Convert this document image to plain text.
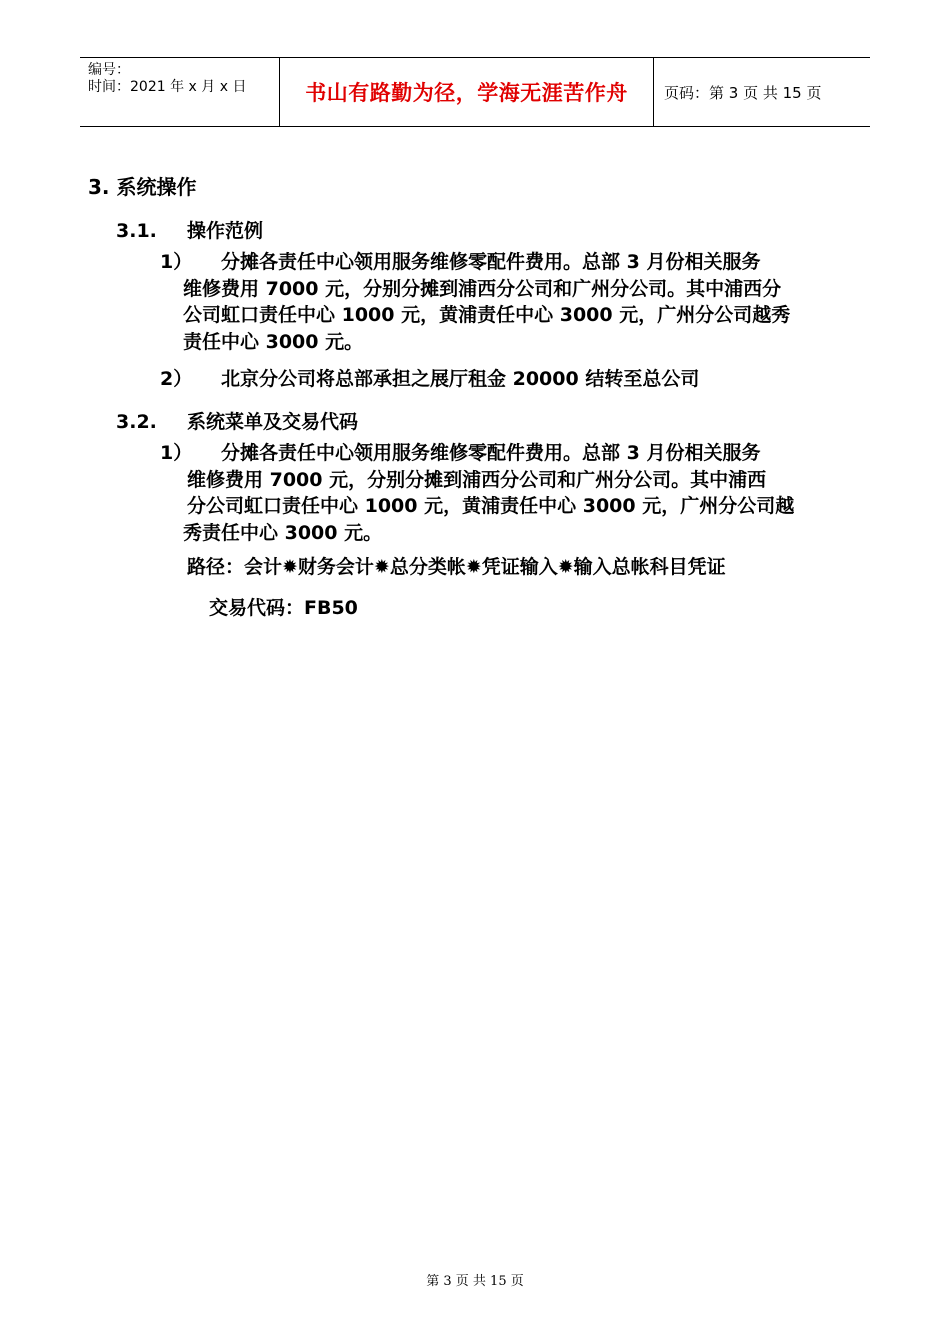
编号：
时间：2021 年 x 月 x 日	书山有路勤为径，学海无涯苦作舟	页码：第 3 页 共 15 页
3. 系统操作
3.1. 操作范例
1） 分摊各责任中心领用服务维修零配件费用。总部 3 月份相关服务
维修费用 7000 元，分别分摊到浦西分公司和广州分公司。其中浦西分
公司虹口责任中心 1000 元，黄浦责任中心 3000 元，广州分公司越秀
责任中心 3000 元。
2） 北京分公司将总部承担之展厅租金 20000 结转至总公司
3.2. 系统菜单及交易代码
1） 分摊各责任中心领用服务维修零配件费用。总部 3 月份相关服务
维修费用 7000 元，分别分摊到浦西分公司和广州分公司。其中浦西
分公司虹口责任中心 1000 元，黄浦责任中心 3000 元，广州分公司越
秀责任中心 3000 元。
路径：会计✹财务会计✹总分类帐✹凭证输入✹输入总帐科目凭证
交易代码：FB50
第 3 页 共 15 页
